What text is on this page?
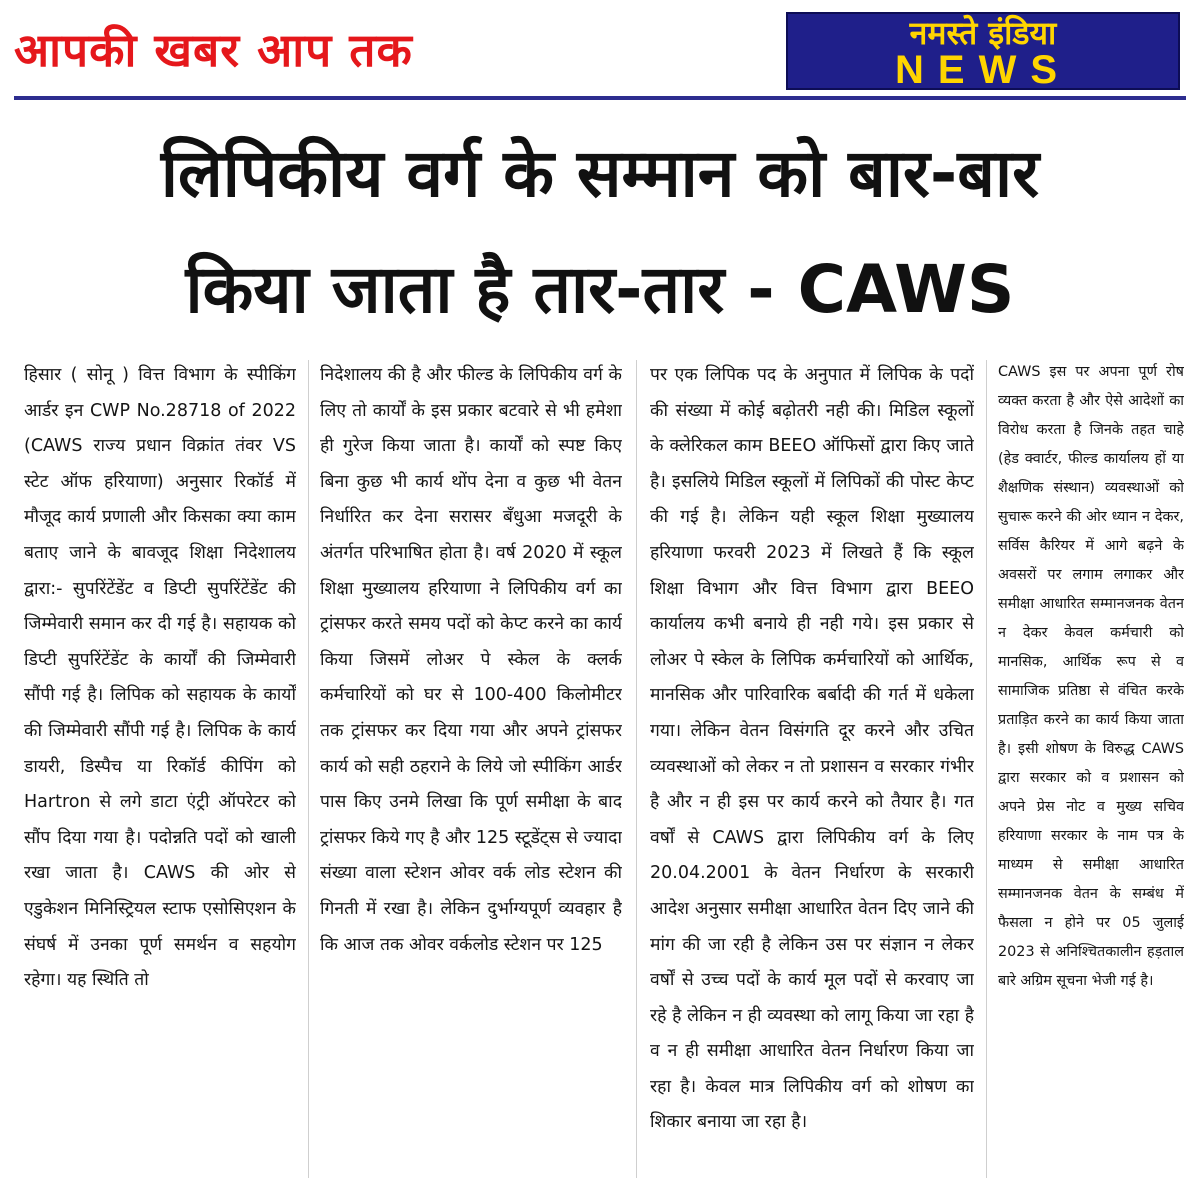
आपकी खबर आप तक	नमस्ते इंडिया
NEWS
लिपिकीय वर्ग के सम्मान को बार-बार
किया जाता है तार-तार - CAWS

हिसार ( सोनू ) वित्त विभाग के स्पीकिंग आर्डर इन CWP No.28718 of 2022 (CAWS राज्य प्रधान विक्रांत तंवर VS स्टेट ऑफ हरियाणा) अनुसार रिकॉर्ड में मौजूद कार्य प्रणाली और किसका क्या काम बताए जाने के बावजूद शिक्षा निदेशालय द्वारा:- सुपरिंटेंडेंट व डिप्टी सुपरिंटेंडेंट की जिम्मेवारी समान कर दी गई है। सहायक को डिप्टी सुपरिंटेंडेंट के कार्यों की जिम्मेवारी सौंपी गई है। लिपिक को सहायक के कार्यों की जिम्मेवारी सौंपी गई है। लिपिक के कार्य डायरी, डिस्पैच या रिकॉर्ड कीपिंग को Hartron से लगे डाटा एंट्री ऑपरेटर को सौंप दिया गया है। पदोन्नति पदों को खाली रखा जाता है। CAWS की ओर से एडुकेशन मिनिस्ट्रियल स्टाफ एसोसिएशन के संघर्ष में उनका पूर्ण समर्थन व सहयोग रहेगा। यह स्थिति तो

निदेशालय की है और फील्ड के लिपिकीय वर्ग के लिए तो कार्यों के इस प्रकार बटवारे से भी हमेशा ही गुरेज किया जाता है। कार्यों को स्पष्ट किए बिना कुछ भी कार्य थोंप देना व कुछ भी वेतन निर्धारित कर देना सरासर बँधुआ मजदूरी के अंतर्गत परिभाषित होता है। वर्ष 2020 में स्कूल शिक्षा मुख्यालय हरियाणा ने लिपिकीय वर्ग का ट्रांसफर करते समय पदों को केप्ट करने का कार्य किया जिसमें लोअर पे स्केल के क्लर्क कर्मचारियों को घर से 100-400 किलोमीटर तक ट्रांसफर कर दिया गया और अपने ट्रांसफर कार्य को सही ठहराने के लिये जो स्पीकिंग आर्डर पास किए उनमे लिखा कि पूर्ण समीक्षा के बाद ट्रांसफर किये गए है और 125 स्टूडेंट्स से ज्यादा संख्या वाला स्टेशन ओवर वर्क लोड स्टेशन की गिनती में रखा है। लेकिन दुर्भाग्यपूर्ण व्यवहार है कि आज तक ओवर वर्कलोड स्टेशन पर 125

पर एक लिपिक पद के अनुपात में लिपिक के पदों की संख्या में कोई बढ़ोतरी नही की। मिडिल स्कूलों के क्लेरिकल काम BEEO ऑफिसों द्वारा किए जाते है। इसलिये मिडिल स्कूलों में लिपिकों की पोस्ट केप्ट की गई है। लेकिन यही स्कूल शिक्षा मुख्यालय हरियाणा फरवरी 2023 में लिखते हैं कि स्कूल शिक्षा विभाग और वित्त विभाग द्वारा BEEO कार्यालय कभी बनाये ही नही गये। इस प्रकार से लोअर पे स्केल के लिपिक कर्मचारियों को आर्थिक, मानसिक और पारिवारिक बर्बादी की गर्त में धकेला गया। लेकिन वेतन विसंगति दूर करने और उचित व्यवस्थाओं को लेकर न तो प्रशासन व सरकार गंभीर है और न ही इस पर कार्य करने को तैयार है। गत वर्षों से CAWS द्वारा लिपिकीय वर्ग के लिए 20.04.2001 के वेतन निर्धारण के सरकारी आदेश अनुसार समीक्षा आधारित वेतन दिए जाने की मांग की जा रही है लेकिन उस पर संज्ञान न लेकर वर्षों से उच्च पदों के कार्य मूल पदों से करवाए जा रहे है लेकिन न ही व्यवस्था को लागू किया जा रहा है व न ही समीक्षा आधारित वेतन निर्धारण किया जा रहा है। केवल मात्र लिपिकीय वर्ग को शोषण का शिकार बनाया जा रहा है।

CAWS इस पर अपना पूर्ण रोष व्यक्त करता है और ऐसे आदेशों का विरोध करता है जिनके तहत चाहे (हेड क्वार्टर, फील्ड कार्यालय हों या शैक्षणिक संस्थान) व्यवस्थाओं को सुचारू करने की ओर ध्यान न देकर, सर्विस कैरियर में आगे बढ़ने के अवसरों पर लगाम लगाकर और समीक्षा आधारित सम्मानजनक वेतन न देकर केवल कर्मचारी को मानसिक, आर्थिक रूप से व सामाजिक प्रतिष्ठा से वंचित करके प्रताड़ित करने का कार्य किया जाता है। इसी शोषण के विरुद्ध CAWS द्वारा सरकार को व प्रशासन को अपने प्रेस नोट व मुख्य सचिव हरियाणा सरकार के नाम पत्र के माध्यम से समीक्षा आधारित सम्मानजनक वेतन के सम्बंध में फैसला न होने पर 05 जुलाई 2023 से अनिश्चितकालीन हड़ताल बारे अग्रिम सूचना भेजी गई है।
